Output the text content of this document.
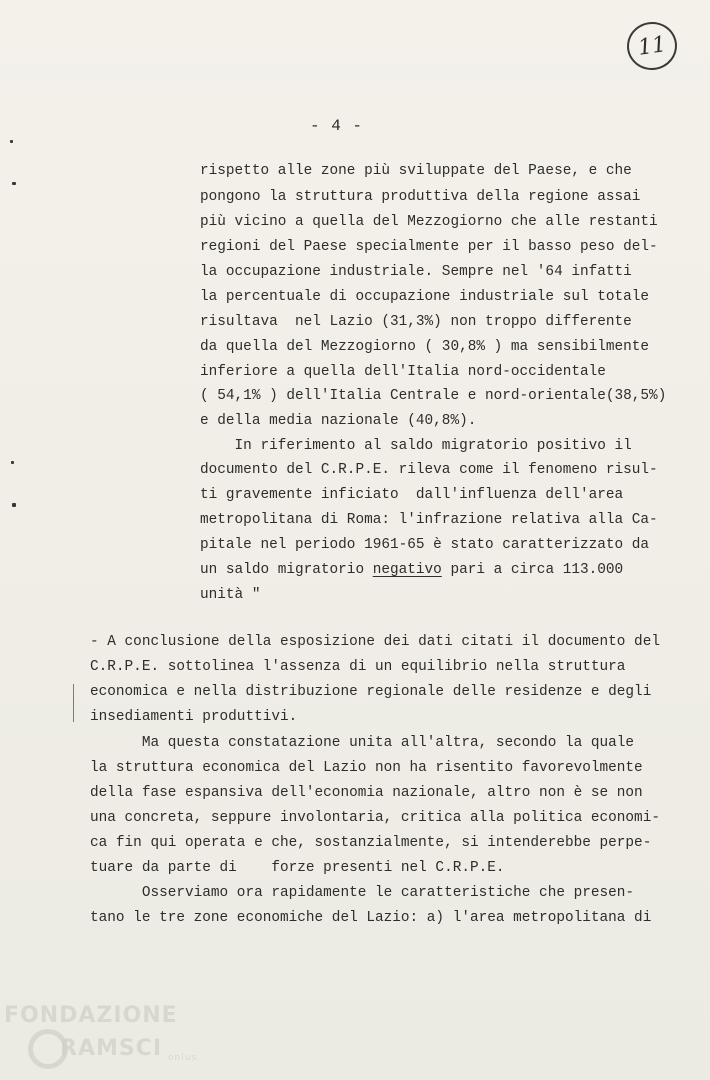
11
- 4 -
rispetto alle zone più sviluppate del Paese, e che
pongono la struttura produttiva della regione assai
più vicino a quella del Mezzogiorno che alle restanti
regioni del Paese specialmente per il basso peso del-
la occupazione industriale. Sempre nel '64 infatti
la percentuale di occupazione industriale sul totale
risultava  nel Lazio (31,3%) non troppo differente
da quella del Mezzogiorno ( 30,8% ) ma sensibilmente
inferiore a quella dell'Italia nord-occidentale
( 54,1% ) dell'Italia Centrale e nord-orientale(38,5%)
e della media nazionale (40,8%).
In riferimento al saldo migratorio positivo il
documento del C.R.P.E. rileva come il fenomeno risul-
ti gravemente inficiato  dall'influenza dell'area
metropolitana di Roma: l'infrazione relativa alla Ca-
pitale nel periodo 1961-65 è stato caratterizzato da
un saldo migratorio negativo pari a circa 113.000
unità "
- A conclusione della esposizione dei dati citati il documento del
C.R.P.E. sottolinea l'assenza di un equilibrio nella struttura
economica e nella distribuzione regionale delle residenze e degli
insediamenti produttivi.
Ma questa constatazione unita all'altra, secondo la quale
la struttura economica del Lazio non ha risentito favorevolmente
della fase espansiva dell'economia nazionale, altro non è se non
una concreta, seppure involontaria, critica alla politica economi-
ca fin qui operata e che, sostanzialmente, si intenderebbe perpe-
tuare da parte di    forze presenti nel C.R.P.E.
Osserviamo ora rapidamente le caratteristiche che presen-
tano le tre zone economiche del Lazio: a) l'area metropolitana di
FONDAZIONE
RAMSCI onlus
